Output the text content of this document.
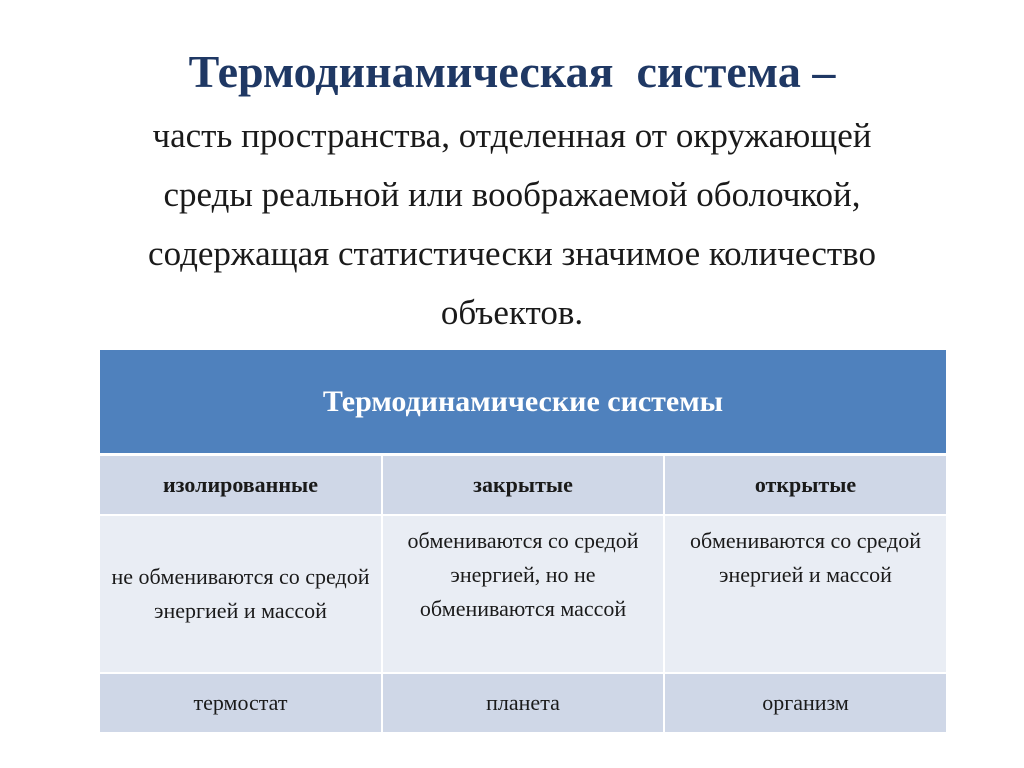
Термодинамическая  система –
часть пространства, отделенная от окружающей
среды реальной или воображаемой оболочкой,
содержащая статистически значимое количество
объектов.
Термодинамические системы		
изолированные	закрытые	открытые
не обмениваются со средой энергией и массой	обмениваются со средой энергией, но не обмениваются массой	обмениваются со средой энергией и массой
термостат	планета	организм
